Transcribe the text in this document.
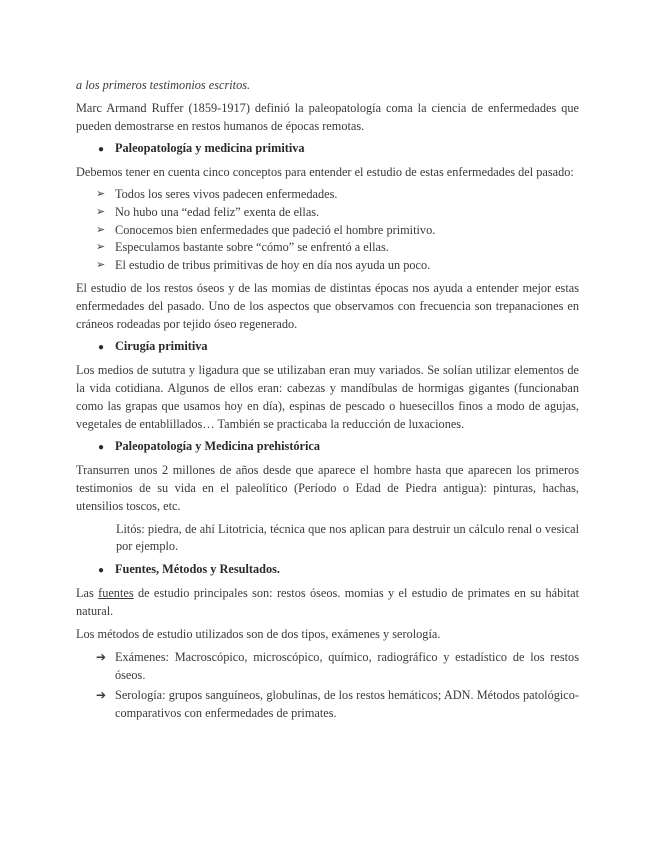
a los primeros testimonios escritos.

Marc Armand Ruffer (1859-1917) definió la paleopatología coma la ciencia de enfermedades que pueden demostrarse en restos humanos de épocas remotas.

● Paleopatología y medicina primitiva

Debemos tener en cuenta cinco conceptos para entender el estudio de estas enfermedades del pasado:

➢ Todos los seres vivos padecen enfermedades.
➢ No hubo una “edad feliz” exenta de ellas.
➢ Conocemos bien enfermedades que padeció el hombre primitivo.
➢ Especulamos bastante sobre “cómo” se enfrentó a ellas.
➢ El estudio de tribus primitivas de hoy en día nos ayuda un poco.

El estudio de los restos óseos y de las momias de distintas épocas nos ayuda a entender mejor estas enfermedades del pasado. Uno de los aspectos que observamos con frecuencia son trepanaciones en cráneos rodeadas por tejido óseo regenerado.

● Cirugía primitiva

Los medios de sututra y ligadura que se utilizaban eran muy variados. Se solían utilizar elementos de la vida cotidiana. Algunos de ellos eran: cabezas y mandíbulas de hormigas gigantes (funcionaban como las grapas que usamos hoy en día), espinas de pescado o huesecillos finos a modo de agujas, vegetales de entablillados… También se practicaba la reducción de luxaciones.

● Paleopatología y Medicina prehistórica

Transurren unos 2 millones de años desde que aparece el hombre hasta que aparecen los primeros testimonios de su vida en el paleolítico (Período o Edad de Piedra antigua): pinturas, hachas, utensilios toscos, etc.

Litós: piedra, de ahí Litotricia, técnica que nos aplican para destruir un cálculo renal o vesical por ejemplo.

● Fuentes, Métodos y Resultados.

Las fuentes de estudio principales son: restos óseos. momias y el estudio de primates en su hábitat natural.

Los métodos de estudio utilizados son de dos tipos, exámenes y serología.

➔ Exámenes: Macroscópico, microscópico, químico, radiográfico y estadístico de los restos óseos.
➔ Serología: grupos sanguíneos, globulinas, de los restos hemáticos; ADN. Métodos patológico-comparativos con enfermedades de primates.
